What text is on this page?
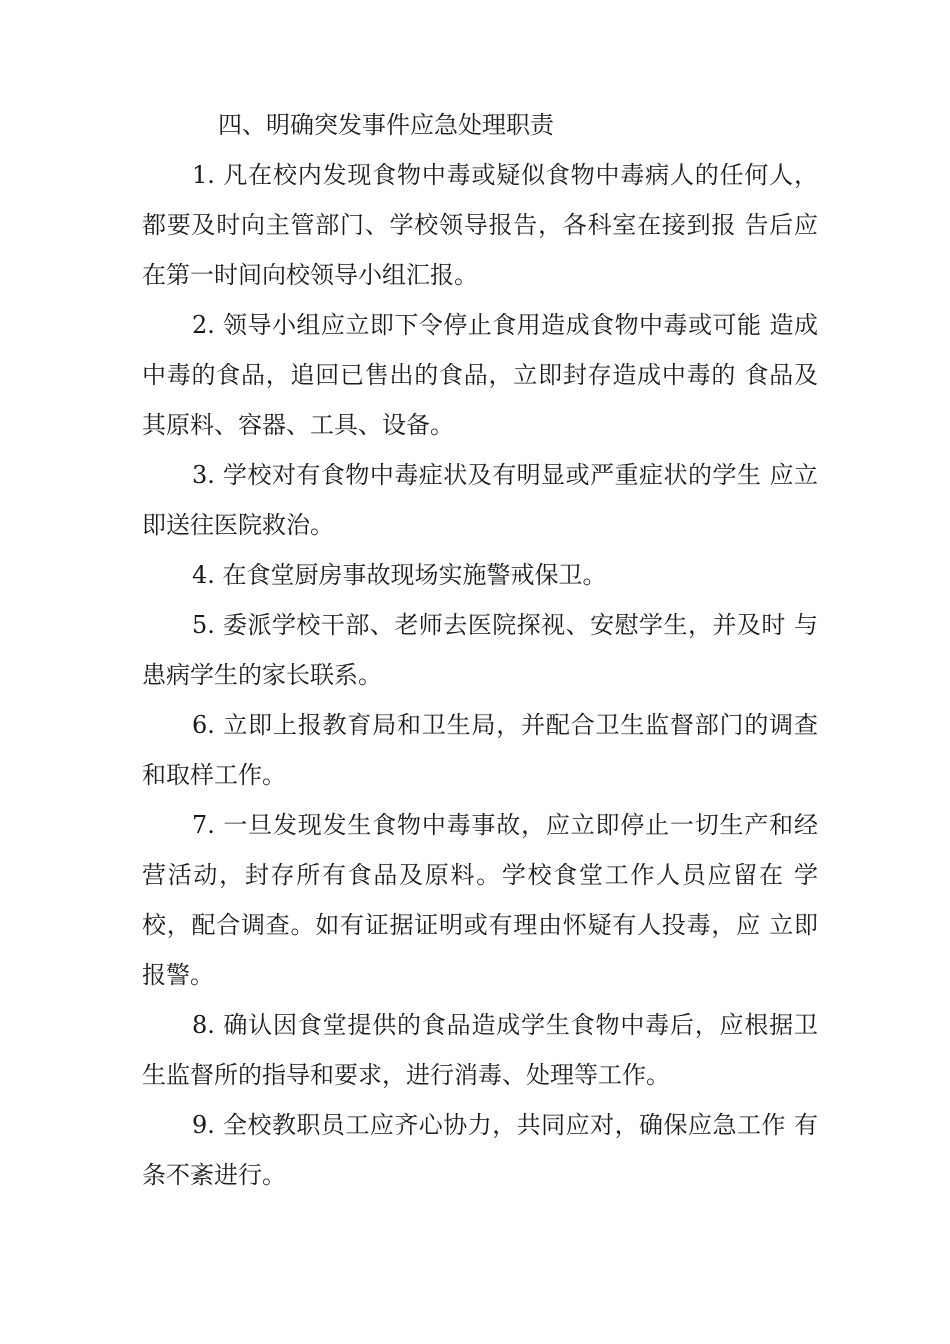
四、明确突发事件应急处理职责

1. 凡在校内发现食物中毒或疑似食物中毒病人的任何人，都要及时向主管部门、学校领导报告，各科室在接到报 告后应在第一时间向校领导小组汇报。

2. 领导小组应立即下令停止食用造成食物中毒或可能 造成中毒的食品，追回已售出的食品，立即封存造成中毒的 食品及其原料、容器、工具、设备。

3. 学校对有食物中毒症状及有明显或严重症状的学生 应立即送往医院救治。

4. 在食堂厨房事故现场实施警戒保卫。

5. 委派学校干部、老师去医院探视、安慰学生，并及时 与患病学生的家长联系。

6. 立即上报教育局和卫生局，并配合卫生监督部门的调查和取样工作。

7. 一旦发现发生食物中毒事故，应立即停止一切生产和经营活动，封存所有食品及原料。学校食堂工作人员应留在 学校，配合调查。如有证据证明或有理由怀疑有人投毒，应 立即报警。

8. 确认因食堂提供的食品造成学生食物中毒后，应根据卫生监督所的指导和要求，进行消毒、处理等工作。

9. 全校教职员工应齐心协力，共同应对，确保应急工作 有条不紊进行。
